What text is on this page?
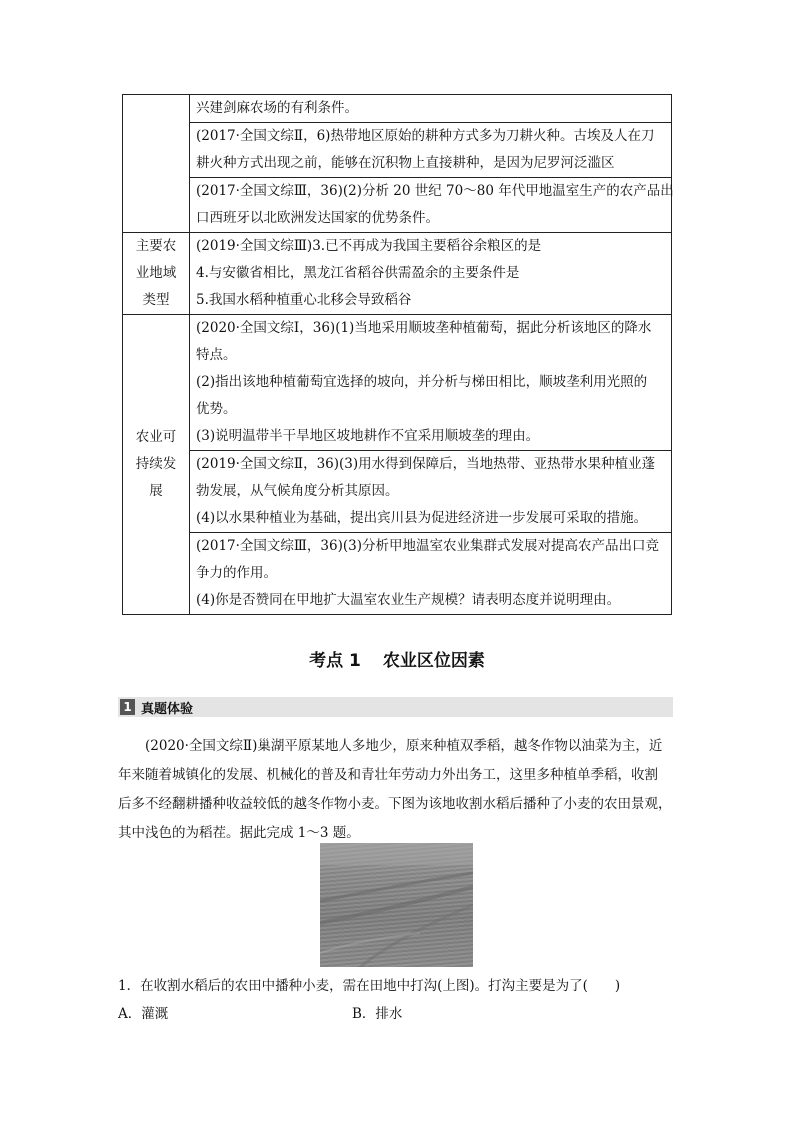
	兴建剑麻农场的有利条件。

	(2017·全国文综Ⅱ，6)热带地区原始的耕种方式多为刀耕火种。古埃及人在刀
耕火种方式出现之前，能够在沉积物上直接耕种，是因为尼罗河泛滥区

	(2017·全国文综Ⅲ，36)(2)分析 20 世纪 70～80 年代甲地温室生产的农产品出
口西班牙以北欧洲发达国家的优势条件。

主要农
业地域
类型	(2019·全国文综Ⅲ)3.已不再成为我国主要稻谷余粮区的是
4.与安徽省相比，黑龙江省稻谷供需盈余的主要条件是
5.我国水稻种植重心北移会导致稻谷

农业可
持续发
展	(2020·全国文综Ⅰ，36)(1)当地采用顺坡垄种植葡萄，据此分析该地区的降水
特点。
(2)指出该地种植葡萄宜选择的坡向，并分析与梯田相比，顺坡垄利用光照的
优势。
(3)说明温带半干旱地区坡地耕作不宜采用顺坡垄的理由。

	(2019·全国文综Ⅱ，36)(3)用水得到保障后，当地热带、亚热带水果种植业蓬
勃发展，从气候角度分析其原因。
(4)以水果种植业为基础，提出宾川县为促进经济进一步发展可采取的措施。

	(2017·全国文综Ⅲ，36)(3)分析甲地温室农业集群式发展对提高农产品出口竞
争力的作用。
(4)你是否赞同在甲地扩大温室农业生产规模？请表明态度并说明理由。
考点 1 农业区位因素
1 真题体验
(2020·全国文综Ⅱ)巢湖平原某地人多地少，原来种植双季稻，越冬作物以油菜为主，近
年来随着城镇化的发展、机械化的普及和青壮年劳动力外出务工，这里多种植单季稻，收割
后多不经翻耕播种收益较低的越冬作物小麦。下图为该地收割水稻后播种了小麦的农田景观，
其中浅色的为稻茬。据此完成 1～3 题。
1．在收割水稻后的农田中播种小麦，需在田地中打沟(上图)。打沟主要是为了(　　)
A．灌溉	B．排水
